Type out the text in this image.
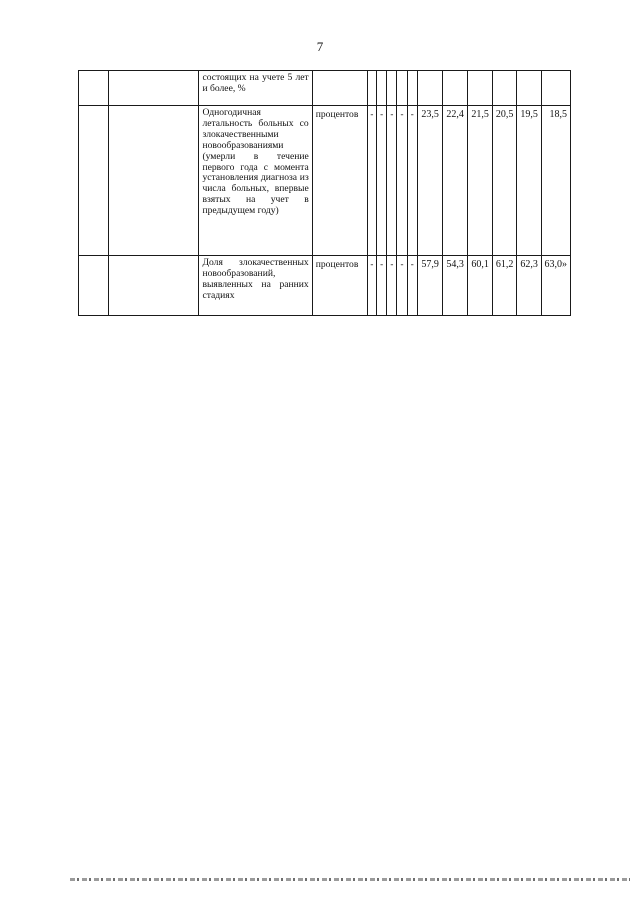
7
		состоящих на учете 5 лет и более, %												
		Одногодичная летальность больных со злокачественными новообразованиями (умерли в течение первого года с момента установления диагноза из числа больных, впервые взятых на учет в предыдущем году)	процентов	-	-	-	-	-	23,5	22,4	21,5	20,5	19,5	18,5
		Доля злокачественных новообразований, выявленных на ранних стадиях	процентов	-	-	-	-	-	57,9	54,3	60,1	61,2	62,3	63,0»
